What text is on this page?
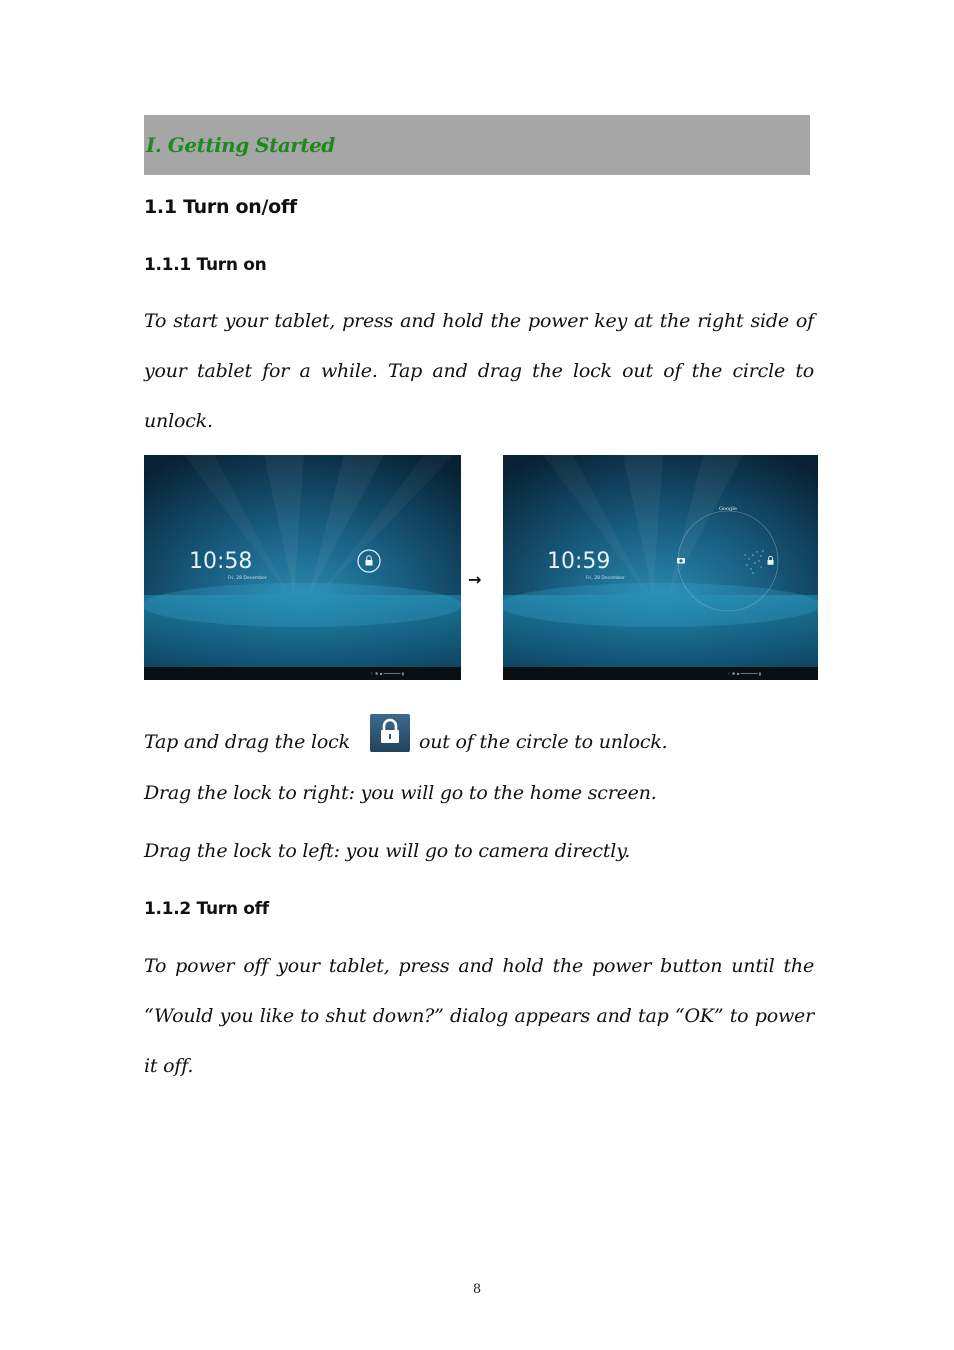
I. Getting Started
1.1 Turn on/off
1.1.1 Turn on
To start your tablet, press and hold the power key at the right side of
your tablet for a while. Tap and drag the lock out of the circle to
unlock.
10:58
Fri, 28 December
⌔ ✱ ▪ ━━━━━━━ ▮
→
Google
10:59
Fri, 28 December
⌔ ✱ ▪ ━━━━━━━ ▮
Tap and drag the lock	out of the circle to unlock.
Drag the lock to right: you will go to the home screen.
Drag the lock to left: you will go to camera directly.
1.1.2 Turn off
To power off your tablet, press and hold the power button until the
“Would you like to shut down?” dialog appears and tap “OK” to power
it off.
8
